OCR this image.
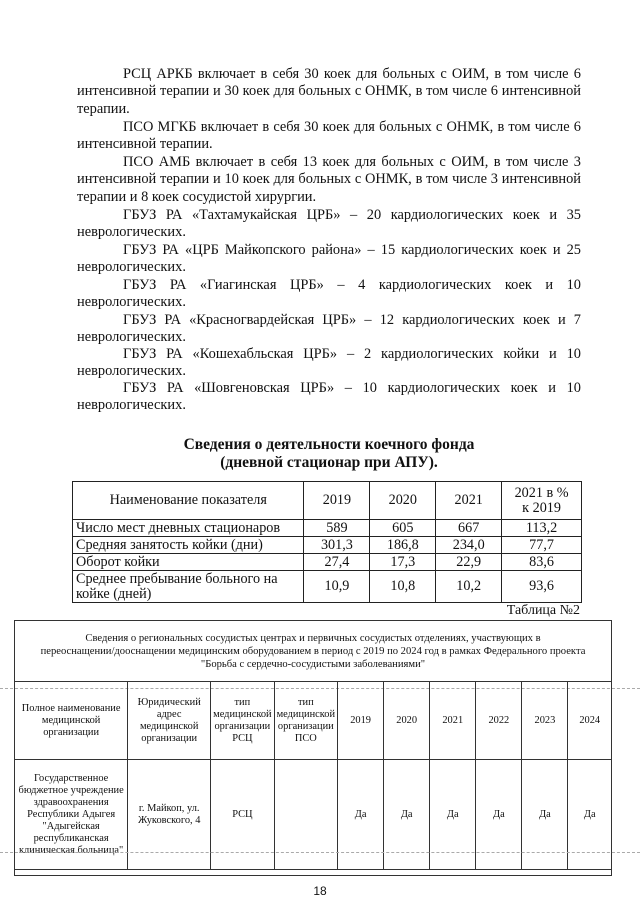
РСЦ АРКБ включает в себя 30 коек для больных с ОИМ, в том числе 6 интенсивной терапии и 30 коек для больных с ОНМК, в том числе 6 интенсивной терапии.

ПСО МГКБ включает в себя 30 коек для больных с ОНМК, в том числе 6 интенсивной терапии.

ПСО АМБ включает в себя 13 коек для больных с ОИМ, в том числе 3 интенсивной терапии и 10 коек для больных с ОНМК, в том числе 3 интенсивной терапии и 8 коек сосудистой хирургии.

ГБУЗ РА «Тахтамукайская ЦРБ» – 20 кардиологических коек и 35 неврологических.

ГБУЗ РА «ЦРБ Майкопского района» – 15 кардиологических коек и 25 неврологических.

ГБУЗ РА «Гиагинская ЦРБ» – 4 кардиологических коек и 10 неврологических.

ГБУЗ РА «Красногвардейская ЦРБ» – 12 кардиологических коек и 7 неврологических.

ГБУЗ РА «Кошехабльская ЦРБ» – 2 кардиологических койки и 10 неврологических.

ГБУЗ РА «Шовгеновская ЦРБ» – 10 кардиологических коек и 10 неврологических.

Сведения о деятельности коечного фонда
(дневной стационар при АПУ).
Наименование показателя	2019	2020	2021	2021 в %
к 2019

Число мест дневных стационаров	589	605	667	113,2
Средняя занятость койки (дни)	301,3	186,8	234,0	77,7
Оборот койки	27,4	17,3	22,9	83,6
Среднее пребывание больного на койке (дней)	10,9	10,8	10,2	93,6
Таблица №2
Сведения о региональных сосудистых центрах и первичных сосудистых отделениях, участвующих в
переоснащении/дооснащении медицинским оборудованием в период с 2019 по 2024 год в рамках Федерального проекта
"Борьба с сердечно-сосудистыми заболеваниями"
Полное наименование медицинской организации	Юридический адрес медицинской организации	тип медицинской организации РСЦ	тип медицинской организации ПСО	2019	2020	2021	2022	2023	2024
Государственное бюджетное учреждение здравоохранения Республики Адыгея "Адыгейская республиканская клиническая больница"	г. Майкоп, ул. Жуковского, 4	РСЦ		Да	Да	Да	Да	Да	Да
18
